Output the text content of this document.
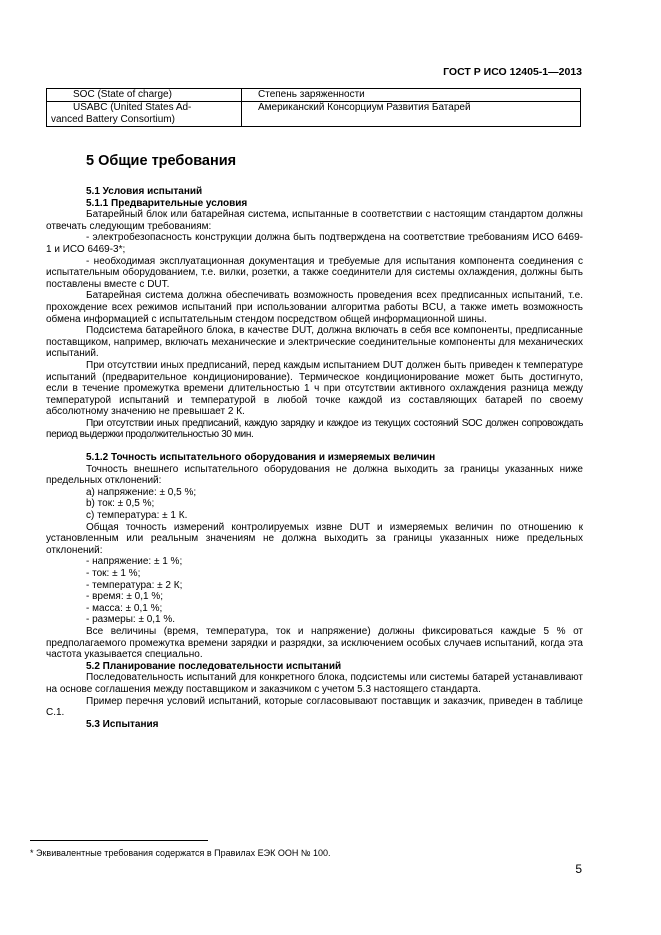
ГОСТ Р ИСО 12405-1—2013
SOC (State of charge)	Степень заряженности
USABC (United States Ad-
vanced Battery Consortium)	Американский Консорциум Развития Батарей
5 Общие требования
5.1 Условия испытаний
5.1.1 Предварительные условия

Батарейный блок или батарейная система, испытанные в соответствии с настоящим стандартом должны отвечать следующим требованиям:

- электробезопасность конструкции должна быть подтверждена на соответствие требованиям ИСО 6469-1 и ИСО 6469-3*;

- необходимая эксплуатационная документация и требуемые для испытания компонента соединения с испытательным оборудованием, т.е. вилки, розетки, а также соединители для системы охлаждения, должны быть поставлены вместе с DUT.

Батарейная система должна обеспечивать возможность проведения всех предписанных испытаний, т.е. прохождение всех режимов испытаний при использовании алгоритма работы BCU, а также иметь возможность обмена информацией с испытательным стендом посредством общей информационной шины.

Подсистема батарейного блока, в качестве DUT, должна включать в себя все компоненты, предписанные поставщиком, например, включать механические и электрические соединительные компоненты для механических испытаний.

При отсутствии иных предписаний, перед каждым испытанием DUT должен быть приведен к температуре испытаний (предварительное кондиционирование). Термическое кондиционирование может быть достигнуто, если в течение промежутка времени длительностью 1 ч при отсутствии активного охлаждения разница между температурой испытаний и температурой в любой точке каждой из составляющих батарей по своему абсолютному значению не превышает 2 К.

При отсутствии иных предписаний, каждую зарядку и каждое из текущих состояний SOC должен сопровождать период выдержки продолжительностью 30 мин.

5.1.2 Точность испытательного оборудования и измеряемых величин

Точность внешнего испытательного оборудования не должна выходить за границы указанных ниже предельных отклонений:

a) напряжение: ± 0,5 %;
b) ток: ± 0,5 %;
c) температура: ± 1 К.

Общая точность измерений контролируемых извне DUT и измеряемых величин по отношению к установленным или реальным значениям не должна выходить за границы указанных ниже предельных отклонений:

- напряжение: ± 1 %;
- ток: ± 1 %;
- температура: ± 2 К;
- время: ± 0,1 %;
- масса: ± 0,1 %;
- размеры: ± 0,1 %.

Все величины (время, температура, ток и напряжение) должны фиксироваться каждые 5 % от предполагаемого промежутка времени зарядки и разрядки, за исключением особых случаев испытаний, когда эта частота указывается специально.

5.2 Планирование последовательности испытаний

Последовательность испытаний для конкретного блока, подсистемы или системы батарей устанавливают на основе соглашения между поставщиком и заказчиком с учетом 5.3 настоящего стандарта.

Пример перечня условий испытаний, которые согласовывают поставщик и заказчик, приведен в таблице С.1.

5.3 Испытания
* Эквивалентные требования содержатся в Правилах ЕЭК ООН № 100.
5
